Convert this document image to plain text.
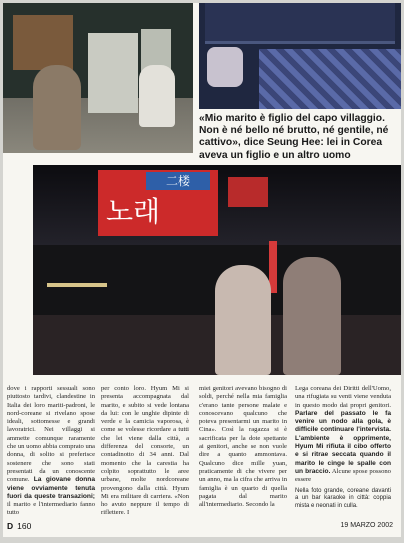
«Mio marito è figlio del capo villaggio. Non è né bello né brutto, né gentile, né cattivo», dice Seung Hee: lei in Corea aveva un figlio e un altro uomo
二楼
노래
dove i rapporti sessuali sono piuttosto tardivi, clandestine in Italia dei loro mariti-padroni, le nord-coreane si rivelano spose ideali, sottomesse e grandi lavoratrici. Nei villaggi si ammette comunque raramente che un uomo abbia comprato una donna, di solito si preferisce sostenere che sono stati presentati da un conoscente comune. La giovane donna viene ovviamente tenuta fuori da queste transazioni; il marito e l'intermediario fanno tutto
per conto loro. Hyum Mi si presenta accompagnata dal marito, e subito si vede lontana da lui: con le unghie dipinte di verde e la camicia vaporosa, è come se volesse ricordare a tutti che lei viene dalla città, a differenza del consorte, un contadinotto di 34 anni. Dal momento che la carestia ha colpito soprattutto le aree urbane, molte nordcoreane provengono dalla città. Hyum Mi era militare di carriera. «Non ho avuto neppure il tempo di riflettere. I
miei genitori avevano bisogno di soldi, perché nella mia famiglia c'erano tante persone malate e conoscevano qualcuno che poteva presentarmi un marito in Cina». Così la ragazza si è sacrificata per la dote spettante ai genitori, anche se non vuole dire a quanto ammontava. Qualcuno dice mille yuan, praticamente di che vivere per un anno, ma la cifra che arriva in famiglia è un quarto di quella pagata dal marito all'intermediario. Secondo la
Lega coreana dei Diritti dell'Uomo, una rifugiata su venti viene venduta in questo modo dai propri genitori. Parlare del passato le fa venire un nodo alla gola, è difficile continuare l'intervista. L'ambiente è opprimente, Hyum Mi rifiuta il cibo offerto e si ritrae seccata quando il marito le cinge le spalle con un braccio. Alcune spose possono essere
Nella foto grande, coreane davanti a un bar karaoke in città: coppia mista e neonati in culla.
D 160	19 MARZO 2002
